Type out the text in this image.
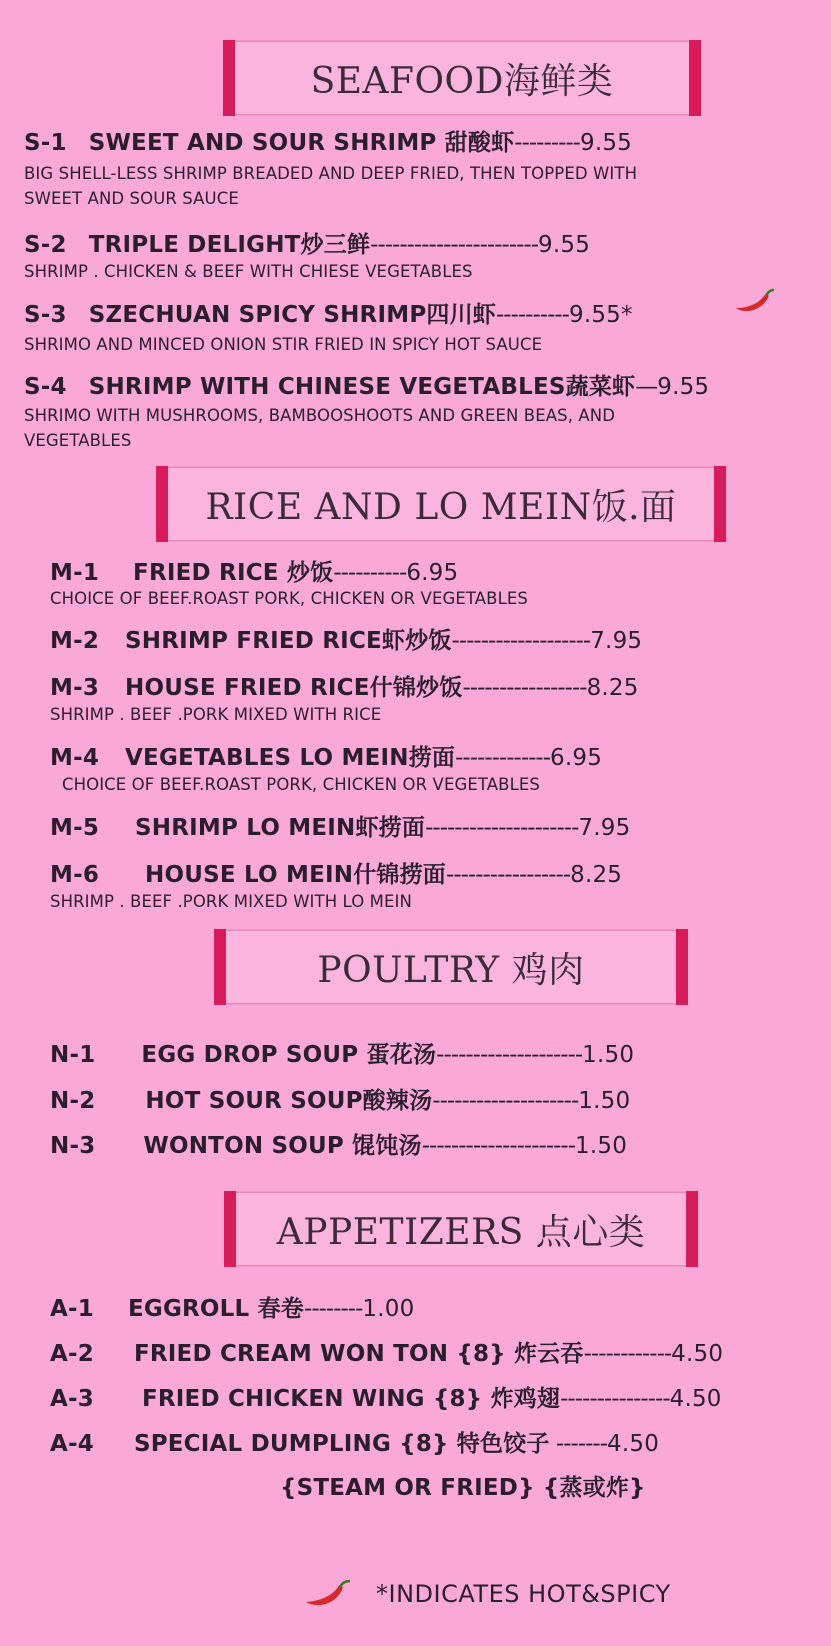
SEAFOOD海鲜类
S-1 SWEET AND SOUR SHRIMP 甜酸虾---------9.55
BIG SHELL-LESS SHRIMP BREADED AND DEEP FRIED, THEN TOPPED WITH
SWEET AND SOUR SAUCE
S-2 TRIPLE DELIGHT炒三鲜-----------------------9.55
SHRIMP . CHICKEN & BEEF WITH CHIESE VEGETABLES
S-3 SZECHUAN SPICY SHRIMP四川虾----------9.55*
SHRIMO AND MINCED ONION STIR FRIED IN SPICY HOT SAUCE
S-4 SHRIMP WITH CHINESE VEGETABLES蔬菜虾—9.55
SHRIMO WITH MUSHROOMS, BAMBOOSHOOTS AND GREEN BEAS, AND
VEGETABLES
RICE AND LO MEIN饭.面
M-1 FRIED RICE 炒饭----------6.95
CHOICE OF BEEF.ROAST PORK, CHICKEN OR VEGETABLES
M-2 SHRIMP FRIED RICE虾炒饭-------------------7.95
M-3 HOUSE FRIED RICE什锦炒饭-----------------8.25
SHRIMP . BEEF .PORK MIXED WITH RICE
M-4 VEGETABLES LO MEIN捞面-------------6.95
CHOICE OF BEEF.ROAST PORK, CHICKEN OR VEGETABLES
M-5 SHRIMP LO MEIN虾捞面---------------------7.95
M-6 HOUSE LO MEIN什锦捞面-----------------8.25
SHRIMP . BEEF .PORK MIXED WITH LO MEIN
POULTRY 鸡肉
N-1 EGG DROP SOUP 蛋花汤--------------------1.50
N-2 HOT SOUR SOUP酸辣汤--------------------1.50
N-3 WONTON SOUP 馄饨汤---------------------1.50
APPETIZERS 点心类
A-1 EGGROLL 春卷--------1.00
A-2 FRIED CREAM WON TON {8} 炸云吞------------4.50
A-3 FRIED CHICKEN WING {8} 炸鸡翅---------------4.50
A-4 SPECIAL DUMPLING {8} 特色饺子 -------4.50
{STEAM OR FRIED} {蒸或炸}
*INDICATES HOT&SPICY
